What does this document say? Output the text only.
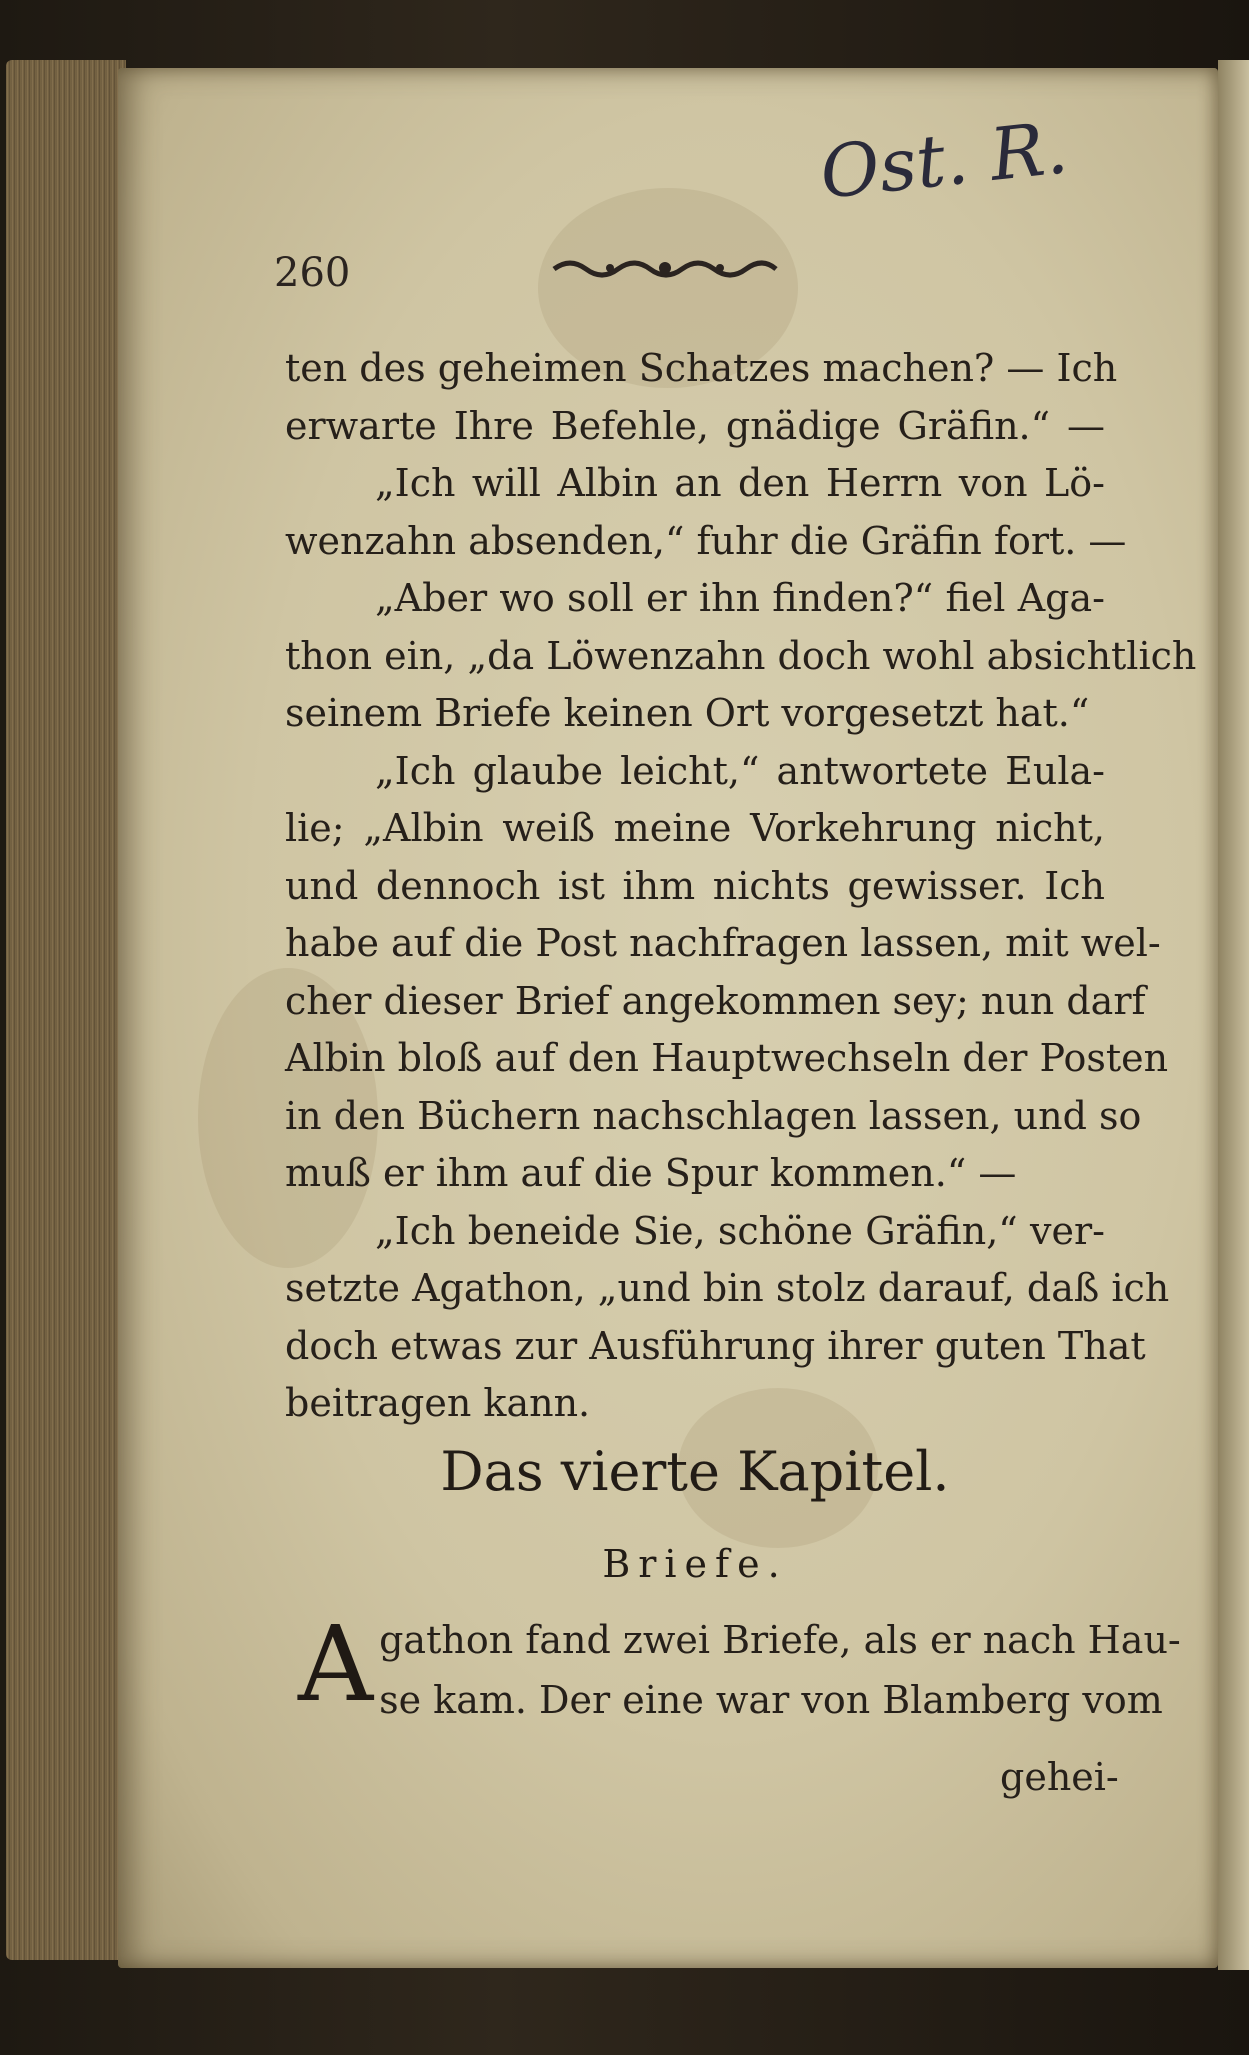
Ost. R.
260
ten des geheimen Schatzes machen? — Ich
erwarte Ihre Befehle, gnädige Gräfin.“ —
„Ich will Albin an den Herrn von Lö-
wenzahn absenden,“ fuhr die Gräfin fort. —
„Aber wo soll er ihn finden?“ fiel Aga-
thon ein, „da Löwenzahn doch wohl absichtlich
seinem Briefe keinen Ort vorgesetzt hat.“
„Ich glaube leicht,“ antwortete Eula-
lie; „Albin weiß meine Vorkehrung nicht,
und dennoch ist ihm nichts gewisser. Ich
habe auf die Post nachfragen lassen, mit wel-
cher dieser Brief angekommen sey; nun darf
Albin bloß auf den Hauptwechseln der Posten
in den Büchern nachschlagen lassen, und so
muß er ihm auf die Spur kommen.“ —
„Ich beneide Sie, schöne Gräfin,“ ver-
setzte Agathon, „und bin stolz darauf, daß ich
doch etwas zur Ausführung ihrer guten That
beitragen kann.
Das vierte Kapitel.
Briefe.
A gathon fand zwei Briefe, als er nach Hau-
se kam. Der eine war von Blamberg vom
gehei-
